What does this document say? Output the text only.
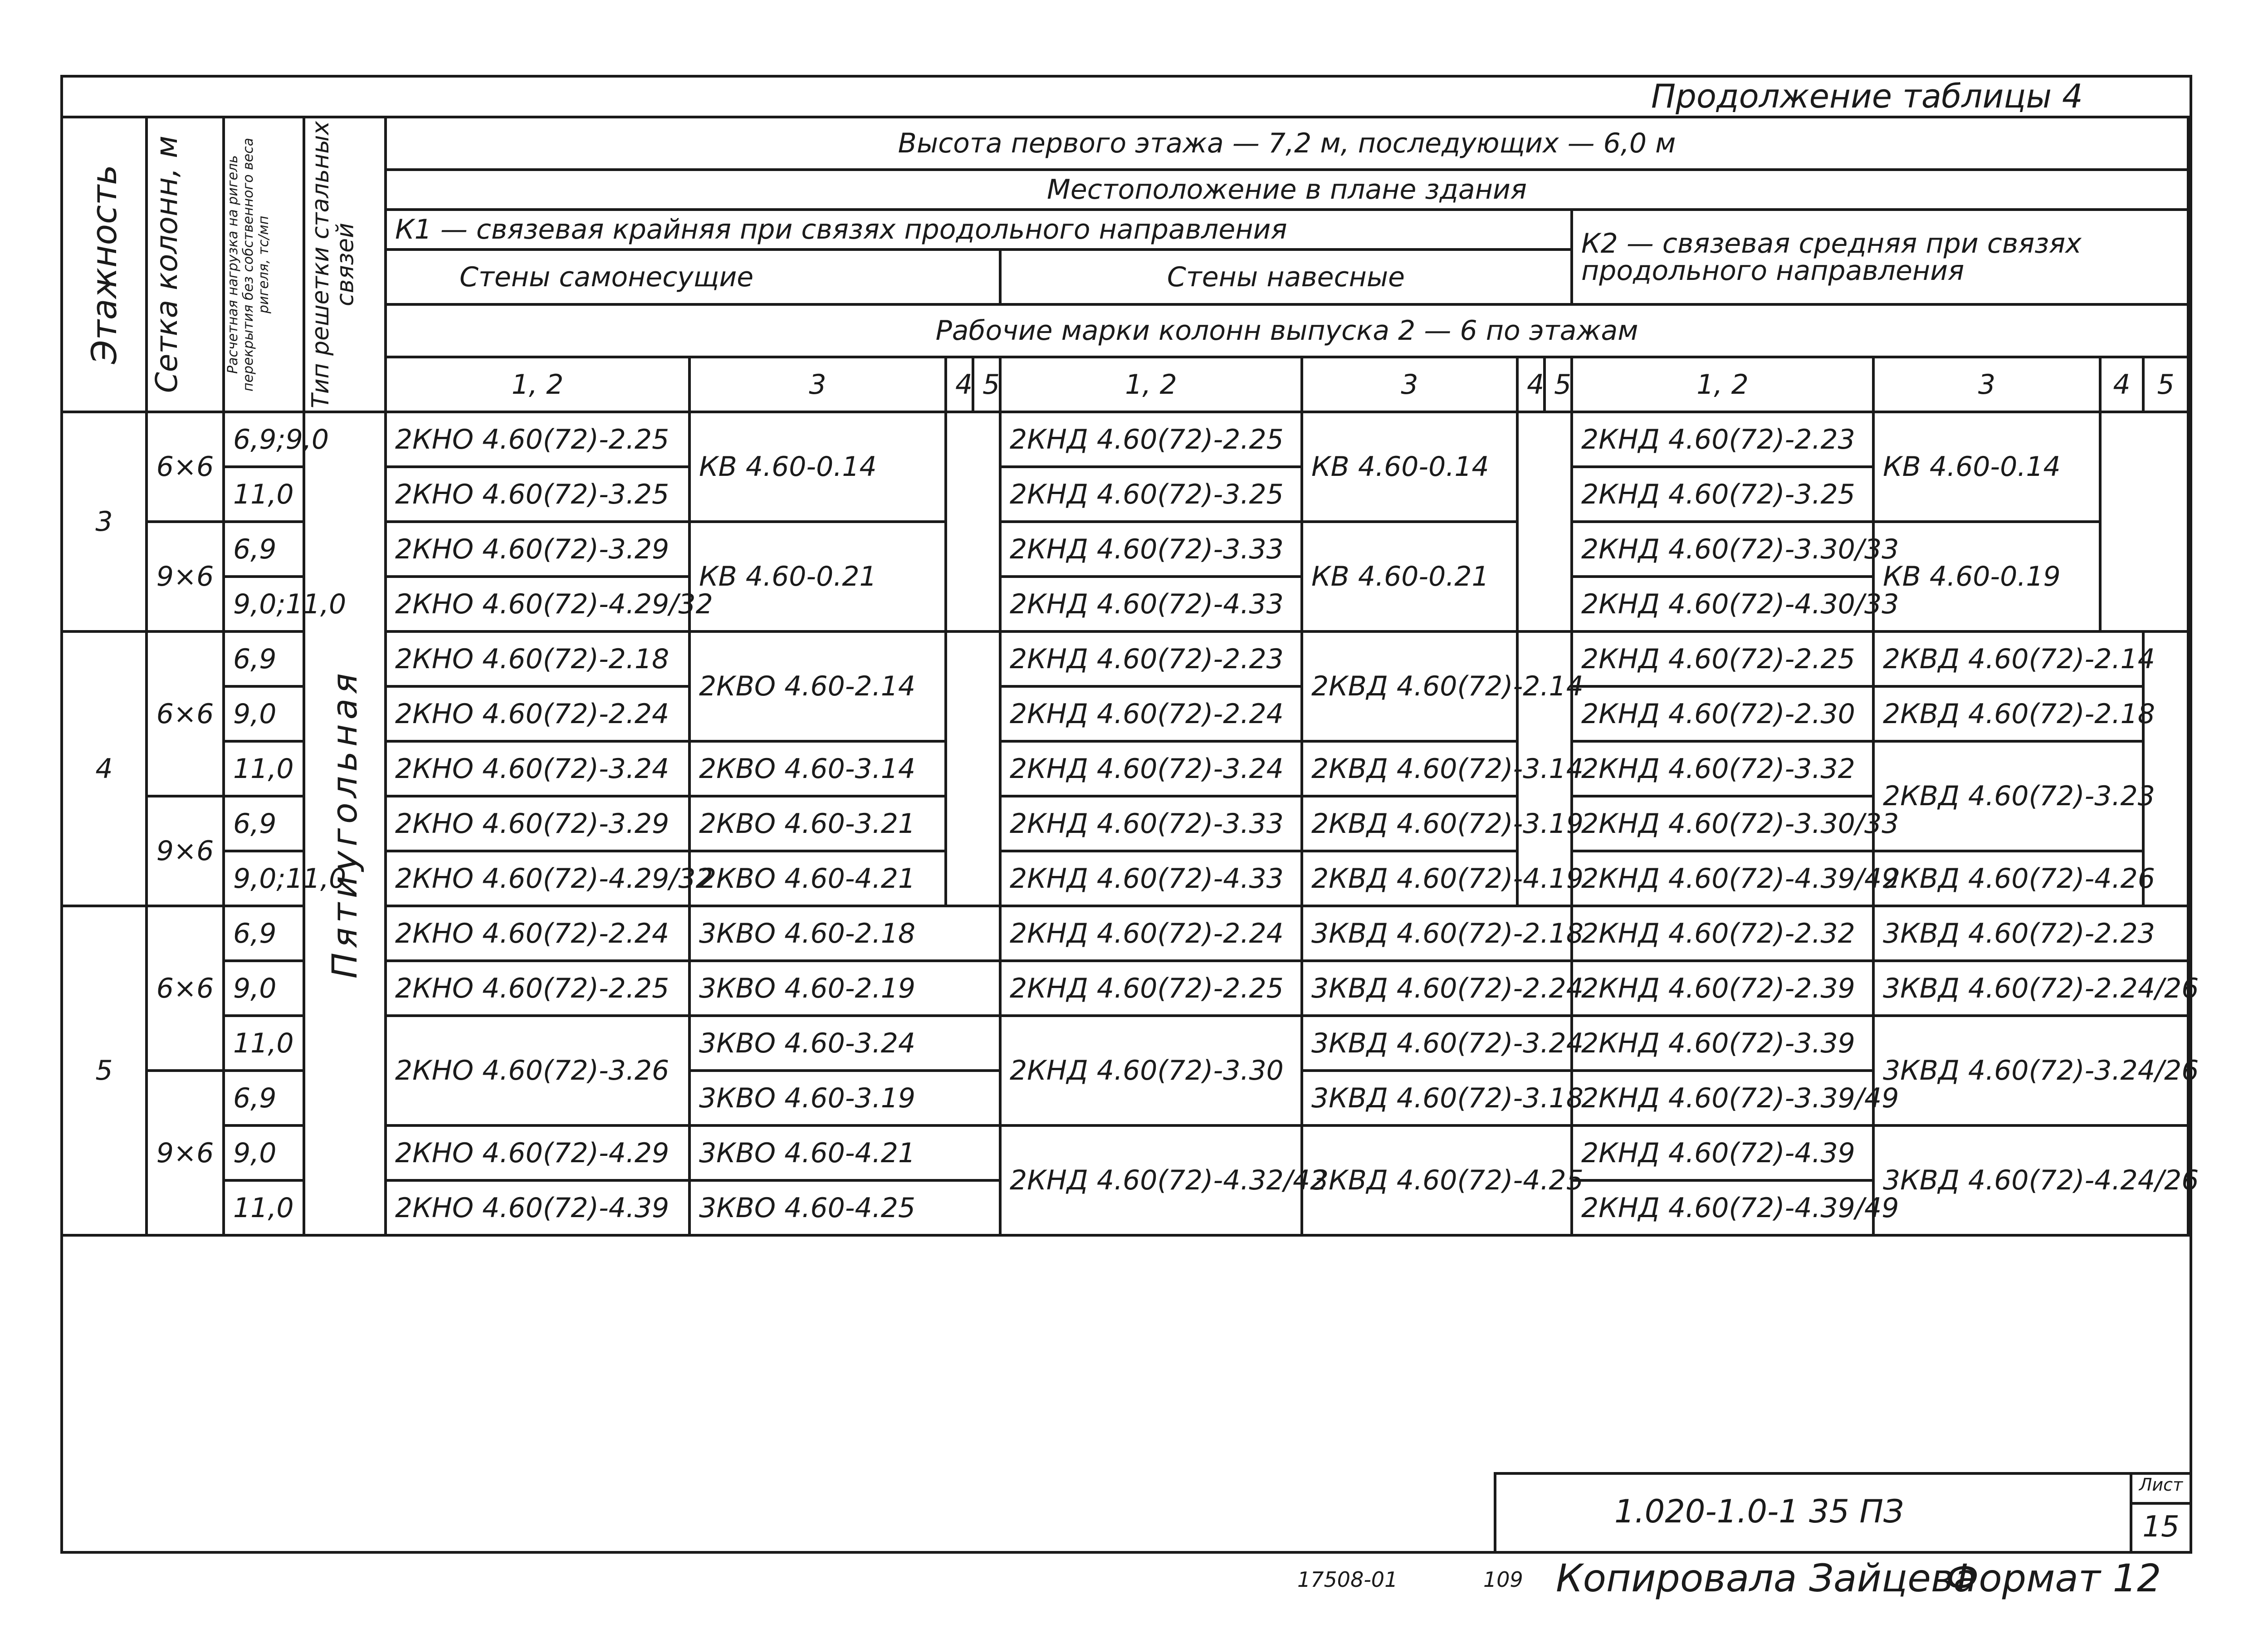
Продолжение таблицы 4
Этажность	Сетка колонн, м	Расчетная нагрузка на ригель перекрытия без собственного веса ригеля, тс/мп	Тип решетки стальных связей	Высота первого этажа — 7,2 м, последующих — 6,0 м											
				Местоположение в плане здания											
				К1 — связевая крайняя при связях продольного направления								К2 — связевая средняя при связях продольного направления			
				Стены самонесущие				Стены навесные							
				Рабочие марки колонн выпуска 2 — 6 по этажам											
				1, 2	3	4	5	1, 2	3	4	5	1, 2	3	4	5
3	6×6	6,9;9,0	Пятиугольная	2КНО 4.60(72)-2.25	КВ 4.60-0.14			2КНД 4.60(72)-2.25	КВ 4.60-0.14			2КНД 4.60(72)-2.23	КВ 4.60-0.14		
		11,0		2КНО 4.60(72)-3.25				2КНД 4.60(72)-3.25				2КНД 4.60(72)-3.25			
	9×6	6,9		2КНО 4.60(72)-3.29	КВ 4.60-0.21			2КНД 4.60(72)-3.33	КВ 4.60-0.21			2КНД 4.60(72)-3.30/33	КВ 4.60-0.19		
		9,0;11,0		2КНО 4.60(72)-4.29/32				2КНД 4.60(72)-4.33				2КНД 4.60(72)-4.30/33			
4	6×6	6,9		2КНО 4.60(72)-2.18	2КВО 4.60-2.14			2КНД 4.60(72)-2.23	2КВД 4.60(72)-2.14			2КНД 4.60(72)-2.25	2КВД 4.60(72)-2.14		
		9,0		2КНО 4.60(72)-2.24				2КНД 4.60(72)-2.24				2КНД 4.60(72)-2.30	2КВД 4.60(72)-2.18		
		11,0		2КНО 4.60(72)-3.24	2КВО 4.60-3.14			2КНД 4.60(72)-3.24	2КВД 4.60(72)-3.14			2КНД 4.60(72)-3.32	2КВД 4.60(72)-3.23		
	9×6	6,9		2КНО 4.60(72)-3.29	2КВО 4.60-3.21			2КНД 4.60(72)-3.33	2КВД 4.60(72)-3.19			2КНД 4.60(72)-3.30/33			
		9,0;11,0		2КНО 4.60(72)-4.29/32	2КВО 4.60-4.21			2КНД 4.60(72)-4.33	2КВД 4.60(72)-4.19			2КНД 4.60(72)-4.39/49	2КВД 4.60(72)-4.26		
5	6×6	6,9		2КНО 4.60(72)-2.24	3КВО 4.60-2.18			2КНД 4.60(72)-2.24	3КВД 4.60(72)-2.18			2КНД 4.60(72)-2.32	3КВД 4.60(72)-2.23		
		9,0		2КНО 4.60(72)-2.25	3КВО 4.60-2.19			2КНД 4.60(72)-2.25	3КВД 4.60(72)-2.24			2КНД 4.60(72)-2.39	3КВД 4.60(72)-2.24/26		
		11,0		2КНО 4.60(72)-3.26	3КВО 4.60-3.24			2КНД 4.60(72)-3.30	3КВД 4.60(72)-3.24			2КНД 4.60(72)-3.39	3КВД 4.60(72)-3.24/26		
	9×6	6,9			3КВО 4.60-3.19				3КВД 4.60(72)-3.18			2КНД 4.60(72)-3.39/49			
		9,0		2КНО 4.60(72)-4.29	3КВО 4.60-4.21			2КНД 4.60(72)-4.32/42	3КВД 4.60(72)-4.25			2КНД 4.60(72)-4.39	3КВД 4.60(72)-4.24/26		
		11,0		2КНО 4.60(72)-4.39	3КВО 4.60-4.25							2КНД 4.60(72)-4.39/49			
1.020-1.0-1 35 ПЗ
Лист
15
17508-01	109 Копировала Зайцева
Формат 12
